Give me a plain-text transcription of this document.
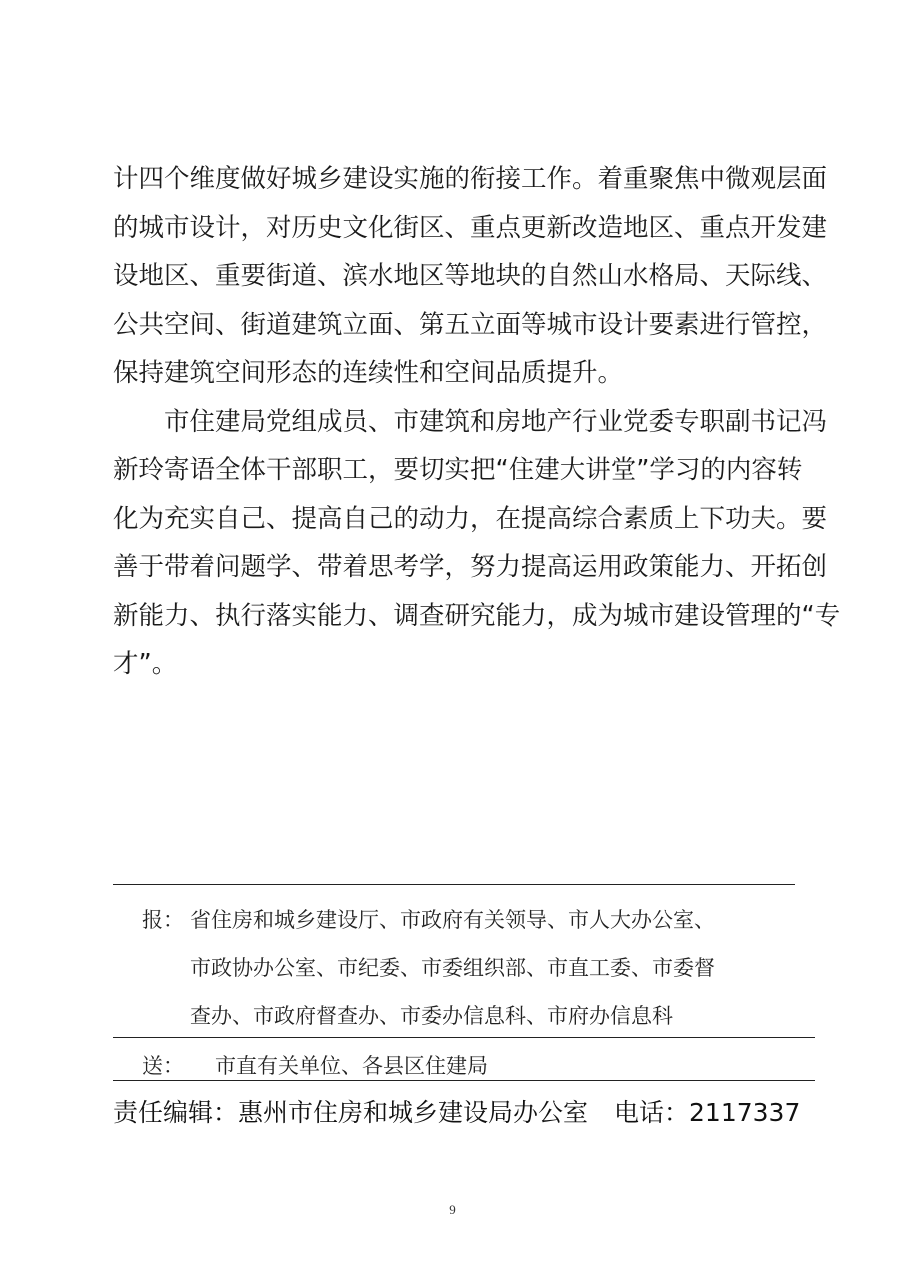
计四个维度做好城乡建设实施的衔接工作。着重聚焦中微观层面
的城市设计，对历史文化街区、重点更新改造地区、重点开发建
设地区、重要街道、滨水地区等地块的自然山水格局、天际线、
公共空间、街道建筑立面、第五立面等城市设计要素进行管控，
保持建筑空间形态的连续性和空间品质提升。
市住建局党组成员、市建筑和房地产行业党委专职副书记冯
新玲寄语全体干部职工，要切实把“住建大讲堂”学习的内容转
化为充实自己、提高自己的动力，在提高综合素质上下功夫。要
善于带着问题学、带着思考学，努力提高运用政策能力、开拓创
新能力、执行落实能力、调查研究能力，成为城市建设管理的“专
才”。
报： 省住房和城乡建设厅、市政府有关领导、市人大办公室、
市政协办公室、市纪委、市委组织部、市直工委、市委督
查办、市政府督查办、市委办信息科、市府办信息科
送： 市直有关单位、各县区住建局
责任编辑：惠州市住房和城乡建设局办公室 电话：2117337
9
